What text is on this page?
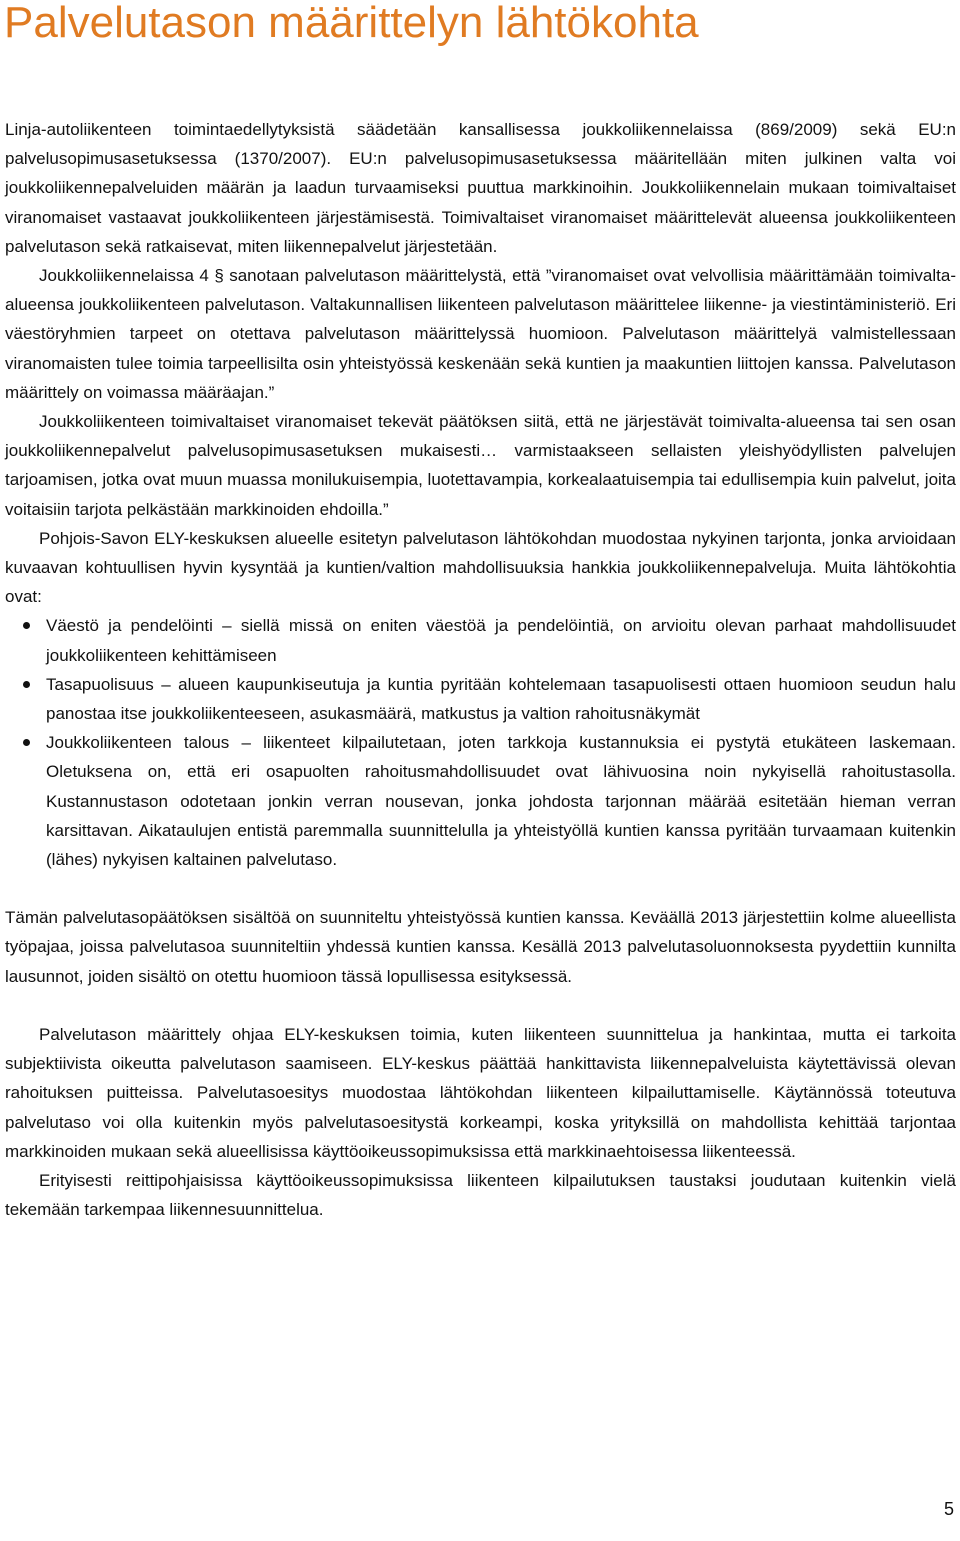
Palvelutason määrittelyn lähtökohta

Linja-autoliikenteen toimintaedellytyksistä säädetään kansallisessa joukkoliikennelaissa (869/2009) sekä EU:n palvelusopimusasetuksessa (1370/2007). EU:n palvelusopimusasetuksessa määritellään miten julkinen valta voi joukkoliikennepalveluiden määrän ja laadun turvaamiseksi puuttua markkinoihin. Joukkoliikennelain mukaan toimivaltaiset viranomaiset vastaavat joukkoliikenteen järjestämisestä. Toimivaltaiset viranomaiset määrittelevät alueensa joukkoliikenteen palvelutason sekä ratkaisevat, miten liikennepalvelut järjestetään.

Joukkoliikennelaissa 4 § sanotaan palvelutason määrittelystä, että ”viranomaiset ovat velvollisia määrittämään toimivalta-alueensa joukkoliikenteen palvelutason. Valtakunnallisen liikenteen palvelutason määrittelee liikenne- ja viestintäministeriö. Eri väestöryhmien tarpeet on otettava palvelutason määrittelyssä huomioon. Palvelutason määrittelyä valmistellessaan viranomaisten tulee toimia tarpeellisilta osin yhteistyössä keskenään sekä kuntien ja maakuntien liittojen kanssa. Palvelutason määrittely on voimassa määräajan.”

Joukkoliikenteen toimivaltaiset viranomaiset tekevät päätöksen siitä, että ne järjestävät toimivalta-alueensa tai sen osan joukkoliikennepalvelut palvelusopimusasetuksen mukaisesti… varmistaakseen sellaisten yleishyödyllisten palvelujen tarjoamisen, jotka ovat muun muassa monilukuisempia, luotettavampia, korkealaatuisempia tai edullisempia kuin palvelut, joita voitaisiin tarjota pelkästään markkinoiden ehdoilla.”

Pohjois-Savon ELY-keskuksen alueelle esitetyn palvelutason lähtökohdan muodostaa nykyinen tarjonta, jonka arvioidaan kuvaavan kohtuullisen hyvin kysyntää ja kuntien/valtion mahdollisuuksia hankkia joukkoliikennepalveluja. Muita lähtökohtia ovat:

Väestö ja pendelöinti – siellä missä on eniten väestöä ja pendelöintiä, on arvioitu olevan parhaat mahdollisuudet joukkoliikenteen kehittämiseen
Tasapuolisuus – alueen kaupunkiseutuja ja kuntia pyritään kohtelemaan tasapuolisesti ottaen huomioon seudun halu panostaa itse joukkoliikenteeseen, asukasmäärä, matkustus ja valtion rahoitusnäkymät
Joukkoliikenteen talous – liikenteet kilpailutetaan, joten tarkkoja kustannuksia ei pystytä etukäteen laskemaan. Oletuksena on, että eri osapuolten rahoitusmahdollisuudet ovat lähivuosina noin nykyisellä rahoitustasolla. Kustannustason odotetaan jonkin verran nousevan, jonka johdosta tarjonnan määrää esitetään hieman verran karsittavan. Aikataulujen entistä paremmalla suunnittelulla ja yhteistyöllä kuntien kanssa pyritään turvaamaan kuitenkin (lähes) nykyisen kaltainen palvelutaso.

Tämän palvelutasopäätöksen sisältöä on suunniteltu yhteistyössä kuntien kanssa. Keväällä 2013 järjestettiin kolme alueellista työpajaa, joissa palvelutasoa suunniteltiin yhdessä kuntien kanssa. Kesällä 2013 palvelutasoluonnoksesta pyydettiin kunnilta lausunnot, joiden sisältö on otettu huomioon tässä lopullisessa esityksessä.

Palvelutason määrittely ohjaa ELY-keskuksen toimia, kuten liikenteen suunnittelua ja hankintaa, mutta ei tarkoita subjektiivista oikeutta palvelutason saamiseen. ELY-keskus päättää hankittavista liikennepalveluista käytettävissä olevan rahoituksen puitteissa. Palvelutasoesitys muodostaa lähtökohdan liikenteen kilpailuttamiselle. Käytännössä toteutuva palvelutaso voi olla kuitenkin myös palvelutasoesitystä korkeampi, koska yrityksillä on mahdollista kehittää tarjontaa markkinoiden mukaan sekä alueellisissa käyttöoikeussopimuksissa että markkinaehtoisessa liikenteessä.

Erityisesti reittipohjaisissa käyttöoikeussopimuksissa liikenteen kilpailutuksen taustaksi joudutaan kuitenkin vielä tekemään tarkempaa liikennesuunnittelua.

5
